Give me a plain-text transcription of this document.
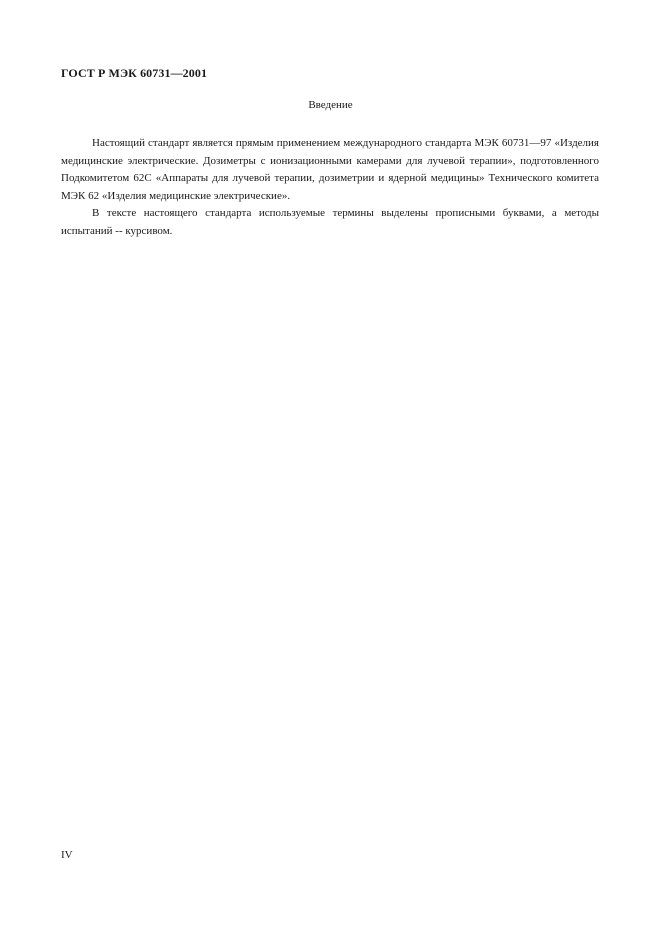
ГОСТ Р МЭК 60731—2001
Введение

Настоящий стандарт является прямым применением международного стандарта МЭК 60731—97 «Изделия медицинские электрические. Дозиметры с ионизационными камерами для лучевой терапии», подготовленного Подкомитетом 62С «Аппараты для лучевой терапии, дозиметрии и ядерной медицины» Технического комитета МЭК 62 «Изделия медицинские электрические».

В тексте настоящего стандарта используемые термины выделены прописными буквами, а методы испытаний -- курсивом.

IV
